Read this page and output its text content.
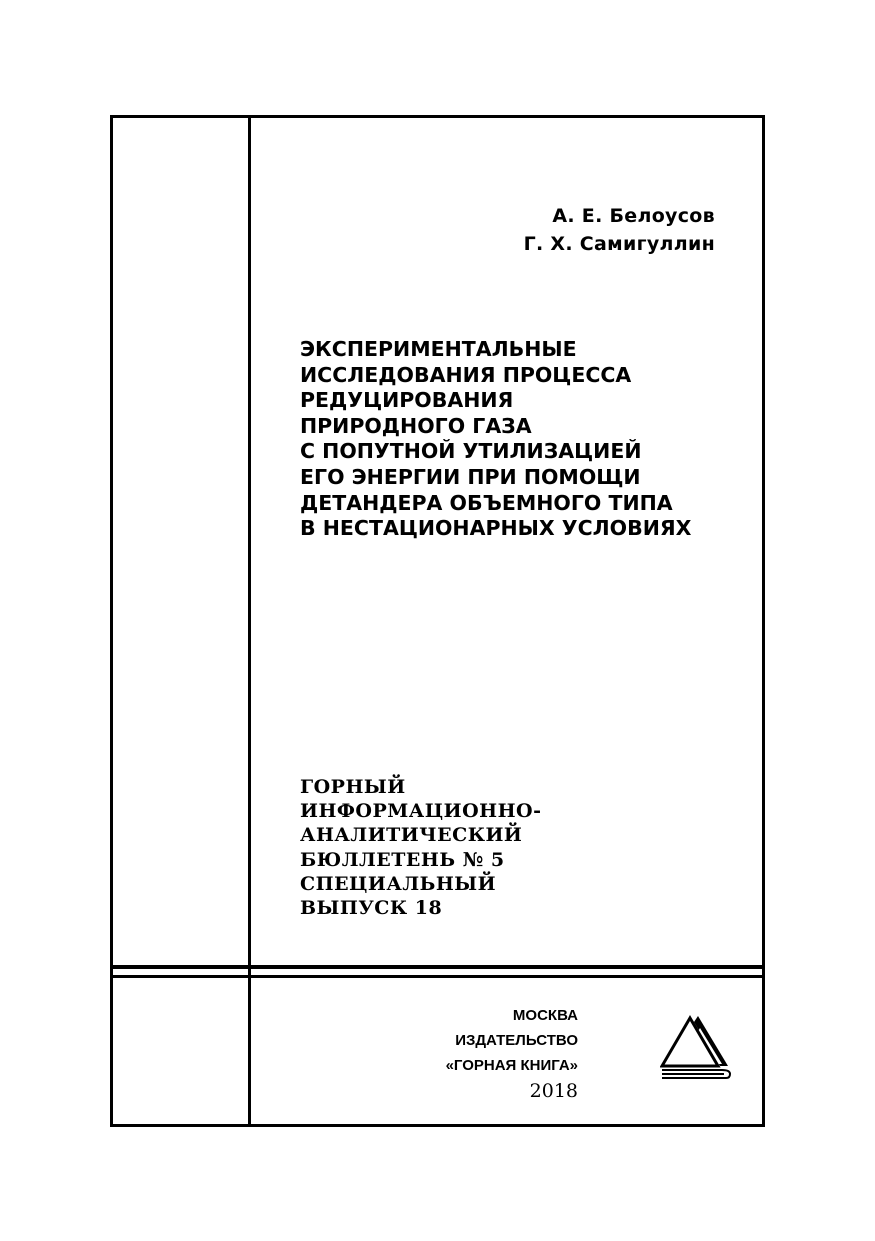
А. Е. Белоусов
Г. Х. Самигуллин
ЭКСПЕРИМЕНТАЛЬНЫЕ
ИССЛЕДОВАНИЯ ПРОЦЕССА
РЕДУЦИРОВАНИЯ
ПРИРОДНОГО ГАЗА
С ПОПУТНОЙ УТИЛИЗАЦИЕЙ
ЕГО ЭНЕРГИИ ПРИ ПОМОЩИ
ДЕТАНДЕРА ОБЪЕМНОГО ТИПА
В НЕСТАЦИОНАРНЫХ УСЛОВИЯХ
ГОРНЫЙ
ИНФОРМАЦИОННО-
АНАЛИТИЧЕСКИЙ
БЮЛЛЕТЕНЬ № 5
СПЕЦИАЛЬНЫЙ
ВЫПУСК 18
МОСКВА
ИЗДАТЕЛЬСТВО
«ГОРНАЯ КНИГА»
2018
